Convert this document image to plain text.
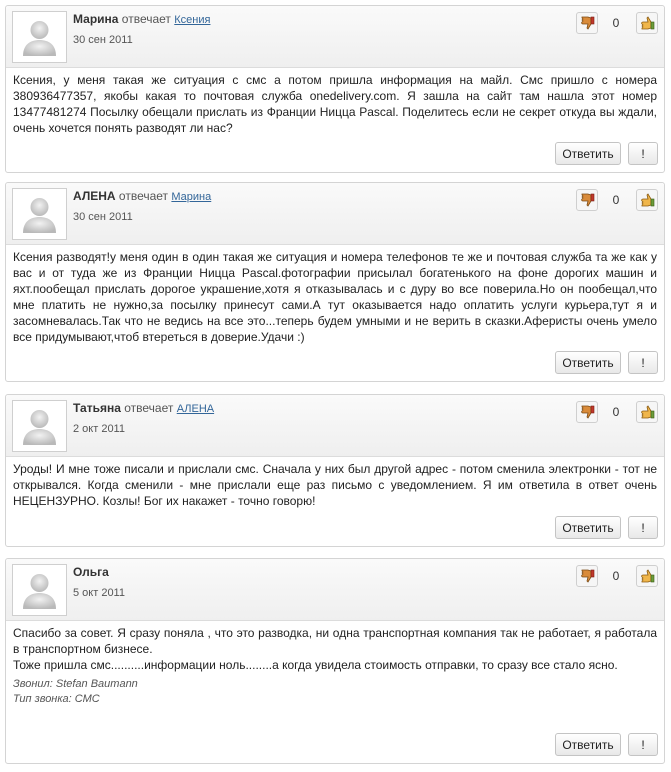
Марина отвечает Ксения
30 сен 2011
0

Ксения, у меня такая же ситуация с смс а потом пришла информация на майл. Смс пришло с номера 380936477357, якобы какая то почтовая служба onedelivery.com. Я зашла на сайт там нашла этот номер 13477481274 Посылку обещали прислать из Франции Ницца Pascal. Поделитесь если не секрет откуда вы ждали, очень хочется понять разводят ли нас?

Ответить	!
АЛЕНА отвечает Марина
30 сен 2011
0

Ксения разводят!у меня один в один такая же ситуация и номера телефонов те же и почтовая служба та же как у вас и от туда же из Франции Ницца Pascal.фотографии присылал богатенького на фоне дорогих машин и яхт.пообещал прислать дорогое украшение,хотя я отказывалась и с дуру во все поверила.Но он пообещал,что мне платить не нужно,за посылку принесут сами.А тут оказывается надо оплатить услуги курьера,тут я и засомневалась.Так что не ведись на все это...теперь будем умными и не верить в сказки.Аферисты очень умело все придумывают,чтоб втереться в доверие.Удачи :)

Ответить	!
Татьяна отвечает АЛЕНА
2 окт 2011
0

Уроды! И мне тоже писали и прислали смс. Сначала у них был другой адрес - потом сменила электронки - тот не открывался. Когда сменили - мне прислали еще раз письмо с уведомлением. Я им ответила в ответ очень НЕЦЕНЗУРНО. Козлы! Бог их накажет - точно говорю!

Ответить	!
Ольга
5 окт 2011
0

Спасибо за совет. Я сразу поняла , что это разводка, ни одна транспортная компания так не работает, я работала в транспортном бизнесе.

Тоже пришла смс..........информации ноль........а когда увидела стоимость отправки, то сразу все стало ясно.

Звонил: Stefan Baumann
Тип звонка: СМС
Ответить	!
